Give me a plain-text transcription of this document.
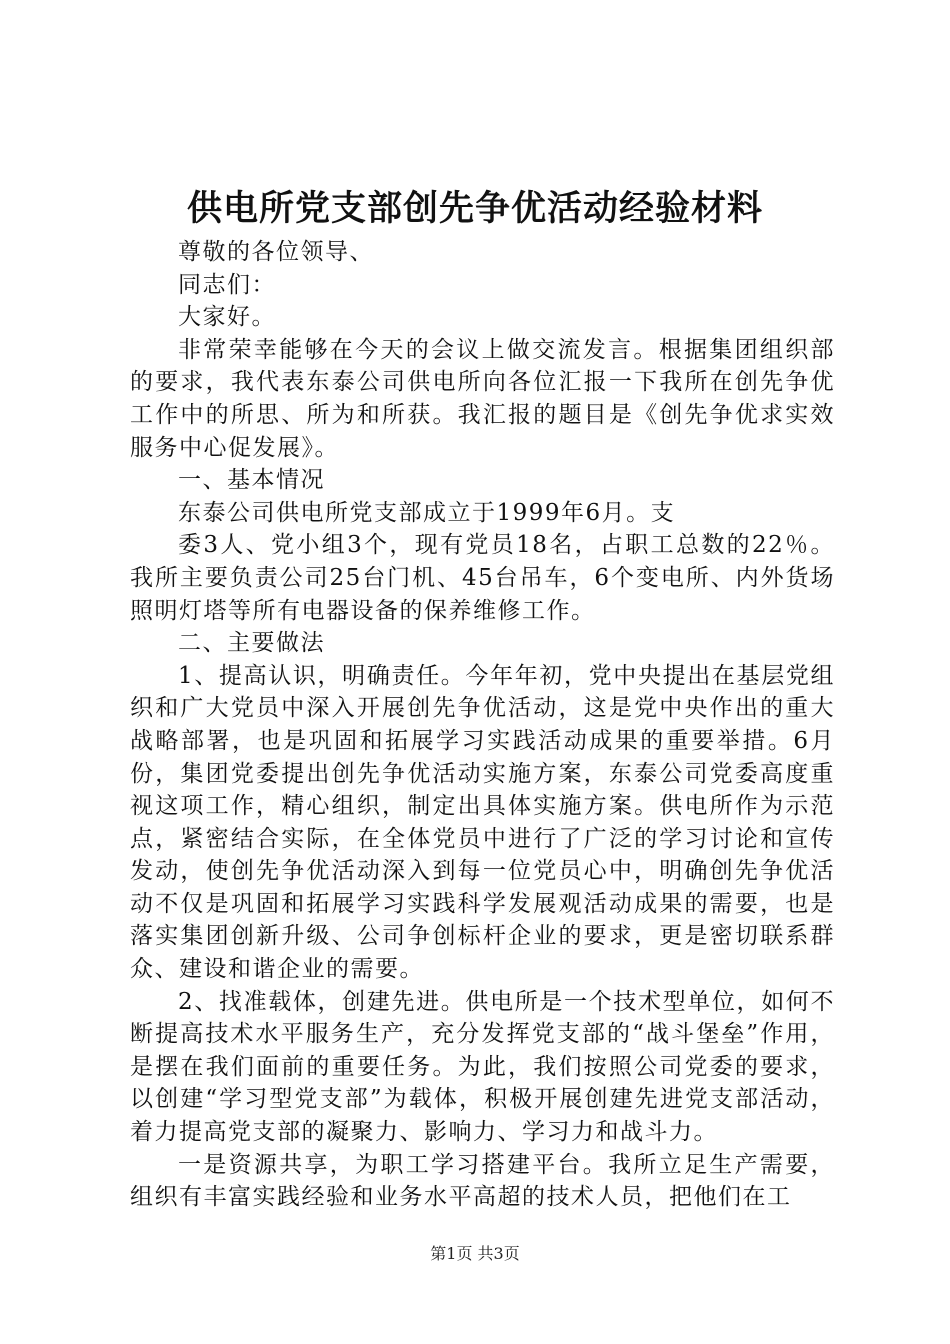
供电所党支部创先争优活动经验材料

尊敬的各位领导、

同志们：

大家好。

非常荣幸能够在今天的会议上做交流发言。根据集团组织部的要求，我代表东泰公司供电所向各位汇报一下我所在创先争优工作中的所思、所为和所获。我汇报的题目是《创先争优求实效服务中心促发展》。

一、基本情况

东泰公司供电所党支部成立于1999年6月。支

委3人、党小组3个，现有党员18名，占职工总数的22％。我所主要负责公司25台门机、45台吊车，6个变电所、内外货场照明灯塔等所有电器设备的保养维修工作。

二、主要做法

1、提高认识，明确责任。今年年初，党中央提出在基层党组织和广大党员中深入开展创先争优活动，这是党中央作出的重大战略部署，也是巩固和拓展学习实践活动成果的重要举措。6月份，集团党委提出创先争优活动实施方案，东泰公司党委高度重视这项工作，精心组织，制定出具体实施方案。供电所作为示范点，紧密结合实际，在全体党员中进行了广泛的学习讨论和宣传发动，使创先争优活动深入到每一位党员心中，明确创先争优活动不仅是巩固和拓展学习实践科学发展观活动成果的需要，也是落实集团创新升级、公司争创标杆企业的要求，更是密切联系群众、建设和谐企业的需要。

2、找准载体，创建先进。供电所是一个技术型单位，如何不断提高技术水平服务生产，充分发挥党支部的“战斗堡垒”作用，是摆在我们面前的重要任务。为此，我们按照公司党委的要求，以创建“学习型党支部”为载体，积极开展创建先进党支部活动，着力提高党支部的凝聚力、影响力、学习力和战斗力。

一是资源共享，为职工学习搭建平台。我所立足生产需要，组织有丰富实践经验和业务水平高超的技术人员，把他们在工

第1页 共3页
